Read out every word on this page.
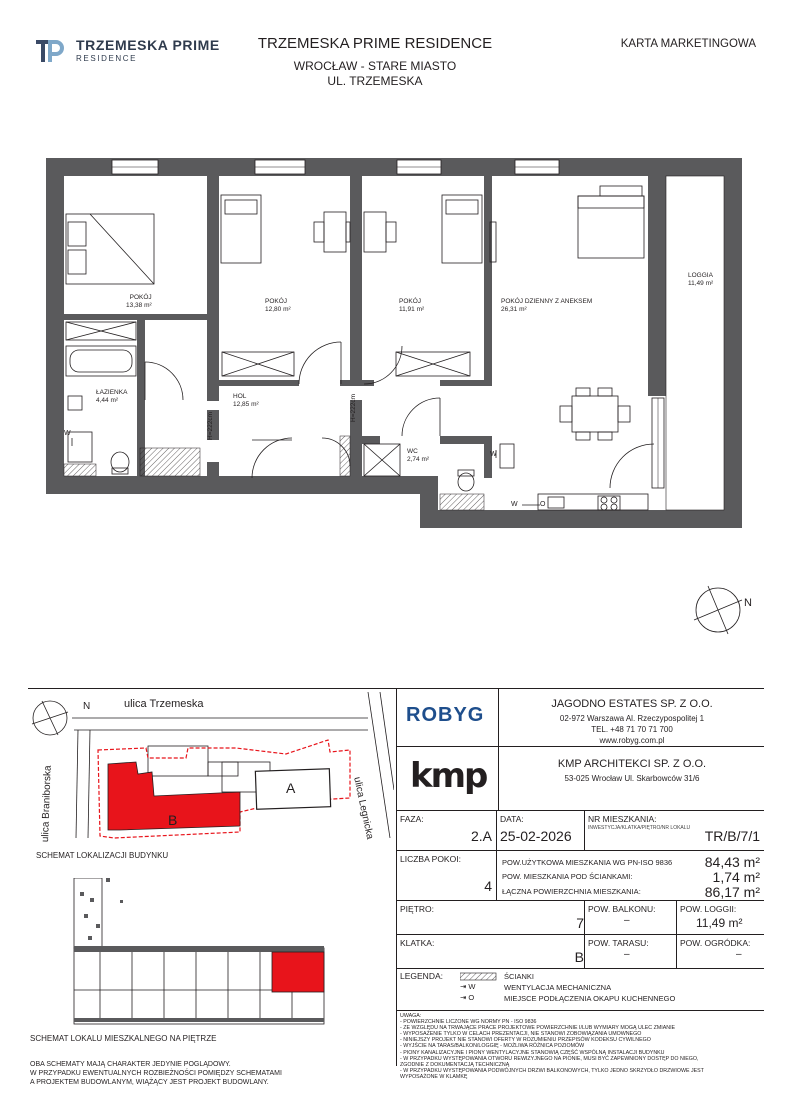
TRZEMESKA PRIME
RESIDENCE
TRZEMESKA PRIME RESIDENCE
WROCŁAW - STARE MIASTO
UL. TRZEMESKA
KARTA MARKETINGOWA
POKÓJ
13,38 m²	POKÓJ
12,80 m²
POKÓJ
11,91 m²
POKÓJ DZIENNY Z ANEKSEM
26,31 m²
LOGGIA
11,49 m²
ŁAZIENKA
4,44 m²	HOL
12,85 m²
WC
2,74 m²
H=222cm
H=222cm
W
W
W	O
N
ulica Trzemeska
ulica Braniborska	ulica Legnicka
A
B
N
SCHEMAT LOKALIZACJI BUDYNKU
SCHEMAT LOKALU MIESZKALNEGO NA PIĘTRZE
OBA SCHEMATY MAJĄ CHARAKTER JEDYNIE POGLĄDOWY.
W PRZYPADKU EWENTUALNYCH ROZBIEŻNOŚCI POMIĘDZY SCHEMATAMI
A PROJEKTEM BUDOWLANYM, WIĄŻĄCY JEST PROJEKT BUDOWLANY.
ROBYG	JAGODNO ESTATES SP. Z O.O.
02-972 Warszawa Al. Rzeczypospolitej 1
TEL. +48 71 70 71 700
www.robyg.com.pl
kmp	KMP ARCHITEKCI SP. Z O.O.
53-025 Wrocław Ul. Skarbowców 31/6
FAZA:
2.A
DATA:
25-02-2026
NR MIESZKANIA:
INWESTYCJA/KLATKA/PIĘTRO/NR LOKALU TR/B/7/1
LICZBA POKOI:
4
POW.UŻYTKOWA MIESZKANIA WG PN-ISO 9836 84,43 m²
POW. MIESZKANIA POD ŚCIANKAMI:	1,74 m²
ŁĄCZNA POWIERZCHNIA MIESZKANIA:	86,17 m²
PIĘTRO:
7
POW. BALKONU:
–
POW. LOGGII:
11,49 m²
KLATKA:
B
POW. TARASU:
–
POW. OGRÓDKA:
–
LEGENDA:	ŚCIANKI
⇥ W	WENTYLACJA MECHANICZNA
⇥ O	MIEJSCE PODŁĄCZENIA OKAPU KUCHENNEGO
UWAGA:
- POWIERZCHNIE LICZONE WG NORMY PN - ISO 9836
- ZE WZGLĘDU NA TRWAJĄCE PRACE PROJEKTOWE POWIERZCHNIE I/LUB WYMIARY MOGĄ ULEC ZMIANIE
- WYPOSAŻENIE TYLKO W CELACH PREZENTACJI, NIE STANOWI ZOBOWIĄZANIA UMOWNEGO
- NINIEJSZY PROJEKT NIE STANOWI OFERTY W ROZUMIENIU PRZEPISÓW KODEKSU CYWILNEGO
- WYJŚCIE NA TARAS/BALKON/LOGGIĘ - MOŻLIWA RÓŻNICA POZIOMÓW
- PIONY KANALIZACYJNE I PIONY WENTYLACYJNE STANOWIĄ CZĘŚĆ WSPÓLNĄ INSTALACJI BUDYNKU
- W PRZYPADKU WYSTĘPOWANIA OTWORU REWIZYJNEGO NA PIONIE, MUSI BYĆ ZAPEWNIONY DOSTĘP DO NIEGO,
ZGODNIE Z DOKUMENTACJĄ TECHNICZNĄ
- W PRZYPADKU WYSTĘPOWANIA PODWÓJNYCH DRZWI BALKONOWYCH, TYLKO JEDNO SKRZYDŁO DRZWIOWE JEST
WYPOSAŻONE W KLAMKĘ
